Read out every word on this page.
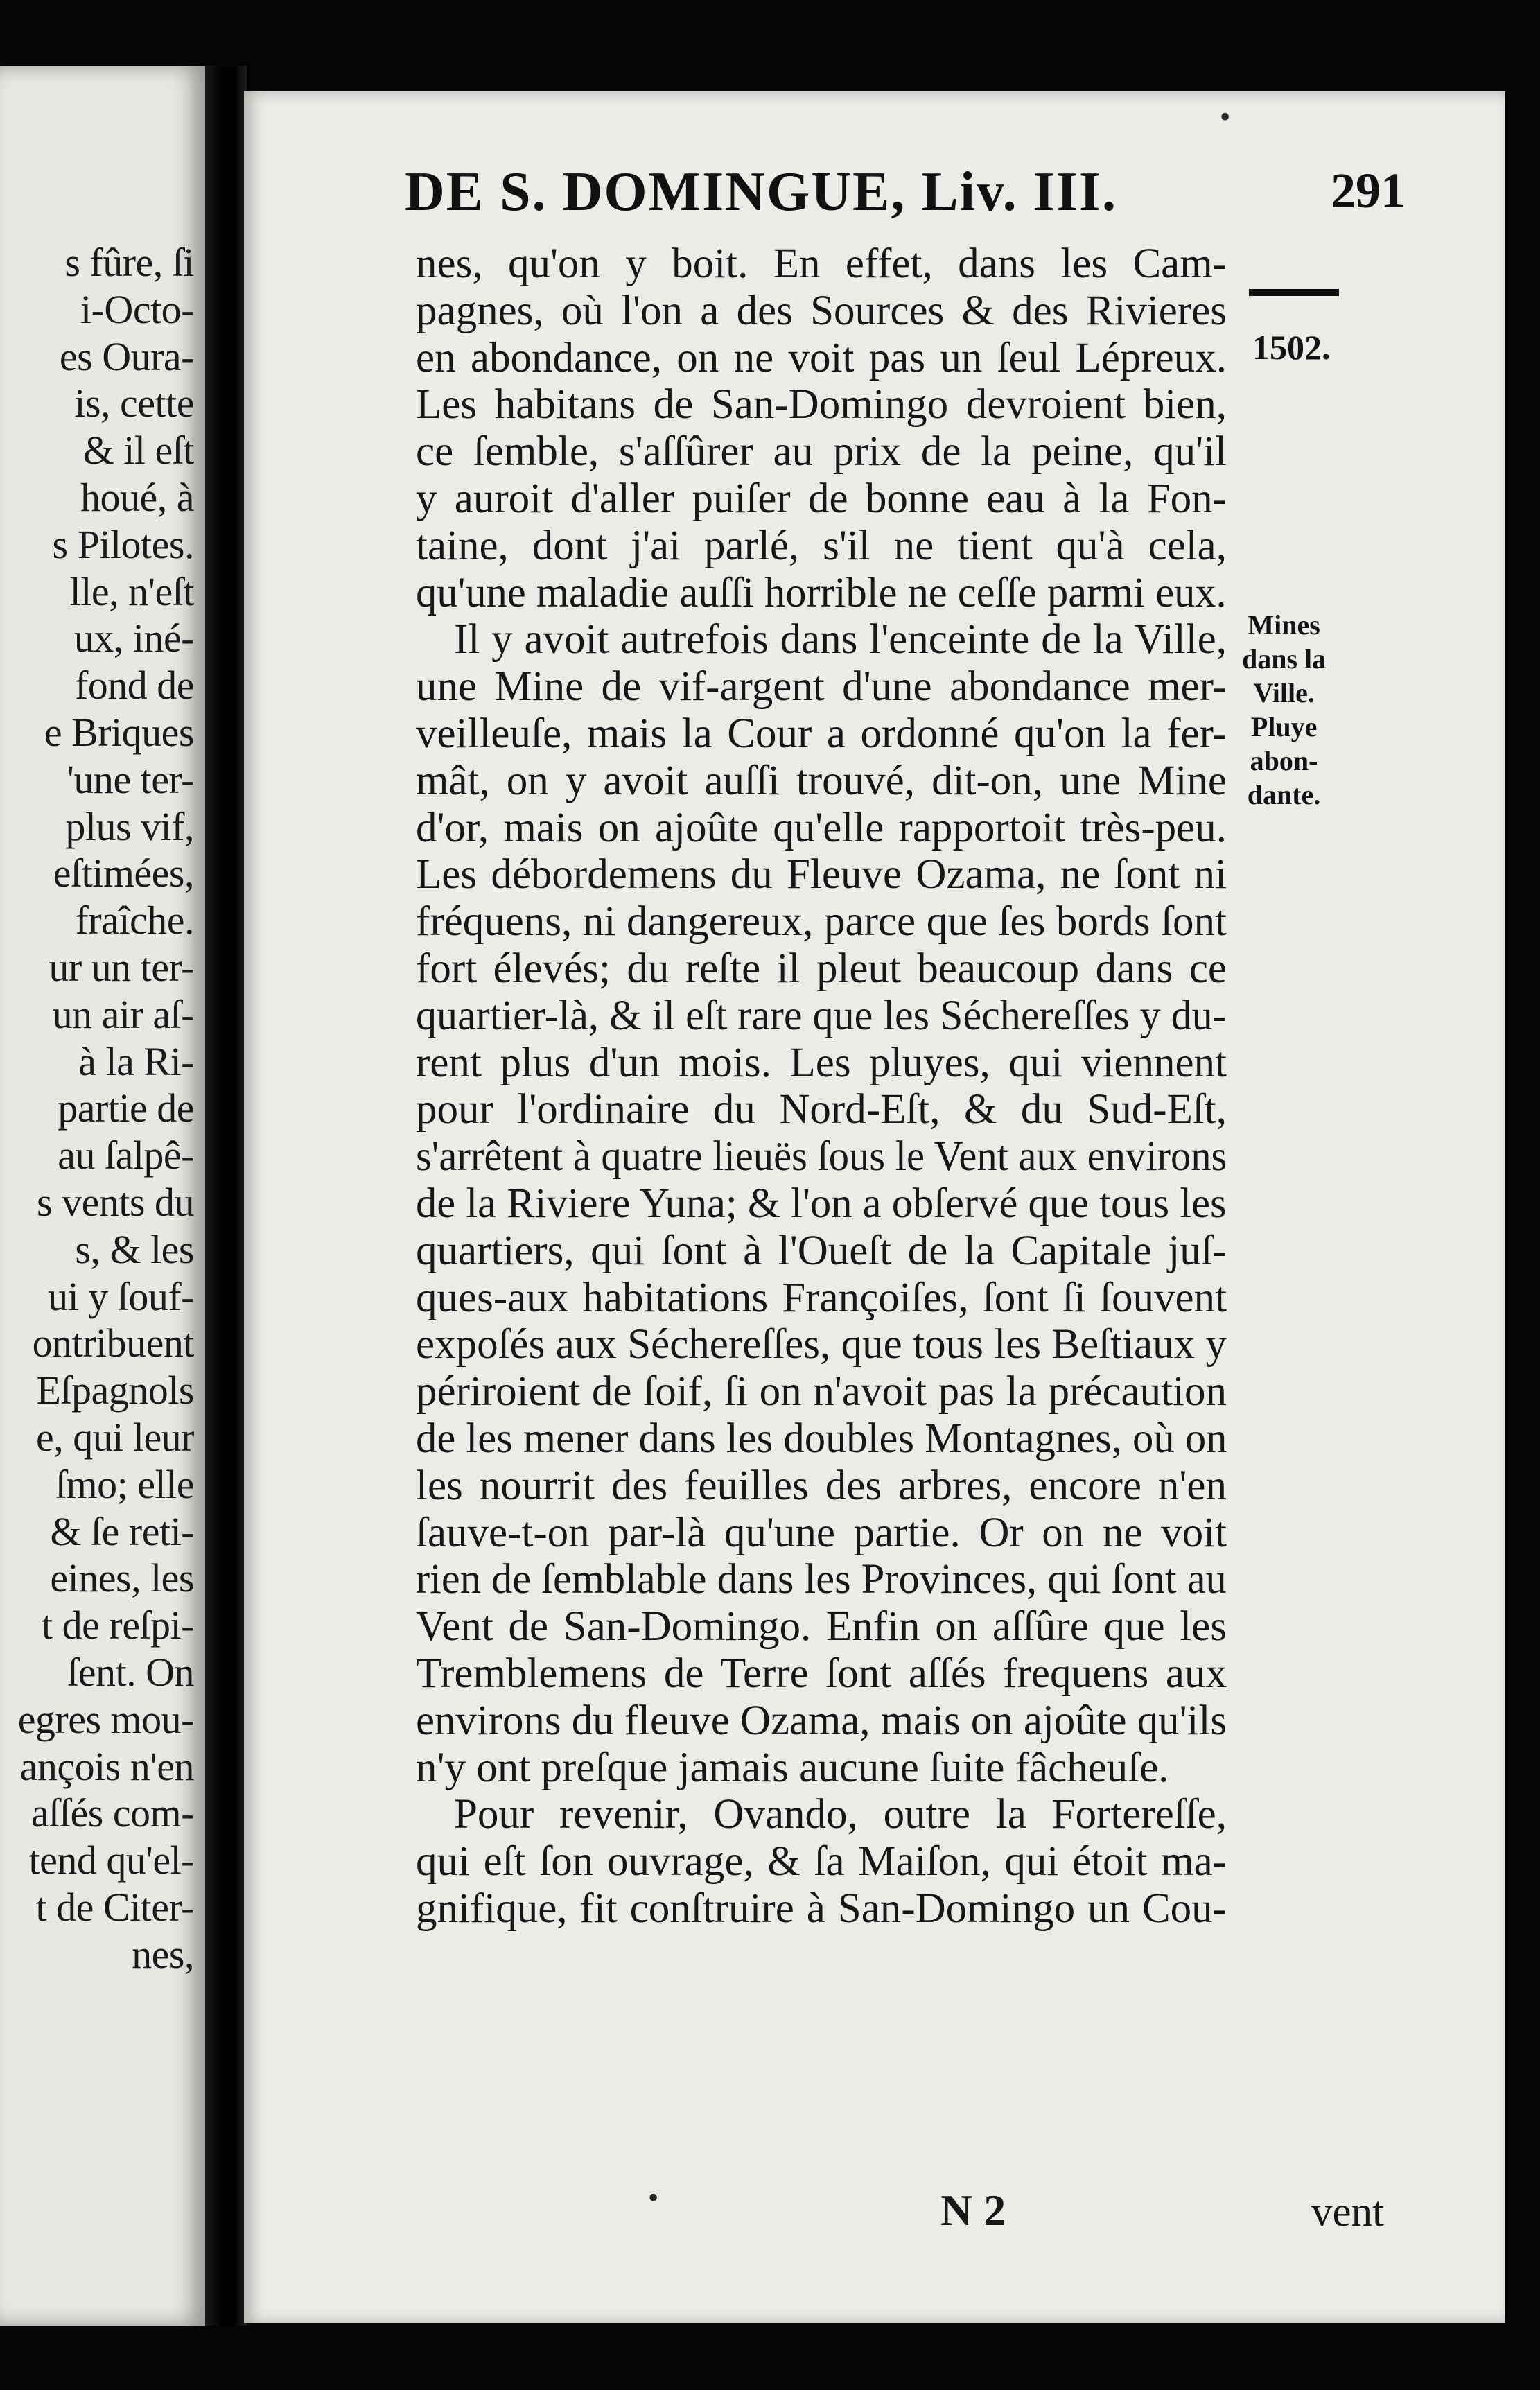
s fûre, ſi
i-Octo-
es Oura-
is, cette
& il eſt
houé, à
s Pilotes.
lle, n'eſt
ux, iné-
fond de
e Briques
'une ter-
plus vif,
eſtimées,
fraîche.
ur un ter-
un air aſ-
à la Ri-
partie de
au ſalpê-
s vents du
s, & les
ui y ſouf-
ontribuent
Eſpagnols
e, qui leur
ſmo; elle
& ſe reti-
eines, les
t de reſpi-
ſent. On
egres mou-
ançois n'en
aſſés com-
tend qu'el-
t de Citer-
nes,
•
DE S. DOMINGUE, Liv. III.	291
nes, qu'on y boit. En effet, dans les Cam-
pagnes, où l'on a des Sources & des Rivieres
en abondance, on ne voit pas un ſeul Lépreux.
Les habitans de San-Domingo devroient bien,
ce ſemble, s'aſſûrer au prix de la peine, qu'il
y auroit d'aller puiſer de bonne eau à la Fon-
taine, dont j'ai parlé, s'il ne tient qu'à cela,
qu'une maladie auſſi horrible ne ceſſe parmi eux.
Il y avoit autrefois dans l'enceinte de la Ville,
une Mine de vif-argent d'une abondance mer-
veilleuſe, mais la Cour a ordonné qu'on la fer-
mât, on y avoit auſſi trouvé, dit-on, une Mine
d'or, mais on ajoûte qu'elle rapportoit très-peu.
Les débordemens du Fleuve Ozama, ne ſont ni
fréquens, ni dangereux, parce que ſes bords ſont
fort élevés; du reſte il pleut beaucoup dans ce
quartier-là, & il eſt rare que les Séchereſſes y du-
rent plus d'un mois. Les pluyes, qui viennent
pour l'ordinaire du Nord-Eſt, & du Sud-Eſt,
s'arrêtent à quatre lieuës ſous le Vent aux environs
de la Riviere Yuna; & l'on a obſervé que tous les
quartiers, qui ſont à l'Oueſt de la Capitale juſ-
ques-aux habitations Françoiſes, ſont ſi ſouvent
expoſés aux Séchereſſes, que tous les Beſtiaux y
périroient de ſoif, ſi on n'avoit pas la précaution
de les mener dans les doubles Montagnes, où on
les nourrit des feuilles des arbres, encore n'en
ſauve-t-on par-là qu'une partie. Or on ne voit
rien de ſemblable dans les Provinces, qui ſont au
Vent de San-Domingo. Enfin on aſſûre que les
Tremblemens de Terre ſont aſſés frequens aux
environs du fleuve Ozama, mais on ajoûte qu'ils
n'y ont preſque jamais aucune ſuite fâcheuſe.
Pour revenir, Ovando, outre la Fortereſſe,
qui eſt ſon ouvrage, & ſa Maiſon, qui étoit ma-
gnifique, fit conſtruire à San-Domingo un Cou-
1502.
Mines
dans la
Ville.
Pluye
abon-
dante.
•	N 2	vent
